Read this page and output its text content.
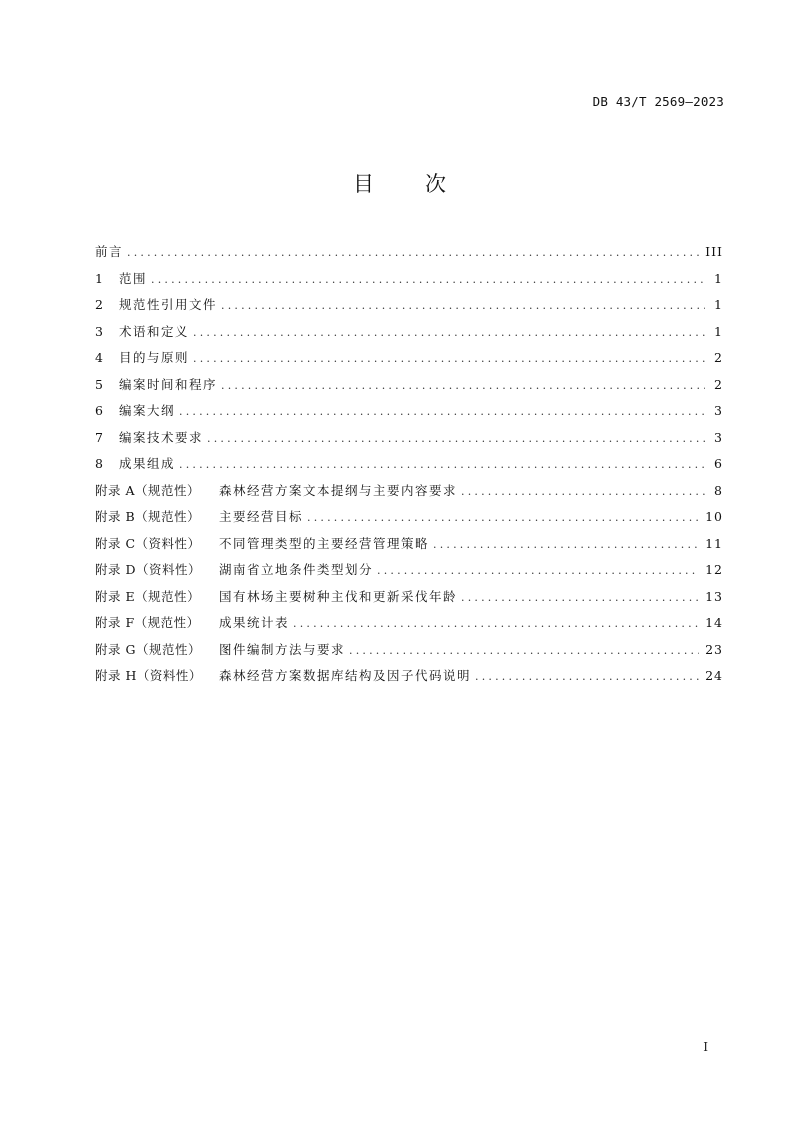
DB 43/T 2569—2023
目 次
前言 .....	III
1	范围 .....	1
2	规范性引用文件 .....	1
3	术语和定义 .....	1
4	目的与原则 .....	2
5	编案时间和程序 .....	2
6	编案大纲 .....	3
7	编案技术要求 .....	3
8	成果组成 .....	6
附录 A（规范性）	森林经营方案文本提纲与主要内容要求 .....	8
附录 B（规范性）	主要经营目标 .....	10
附录 C（资料性）	不同管理类型的主要经营管理策略 .....	11
附录 D（资料性）	湖南省立地条件类型划分 .....	12
附录 E（规范性）	国有林场主要树种主伐和更新采伐年龄 .....	13
附录 F（规范性）	成果统计表 .....	14
附录 G（规范性）	图件编制方法与要求 .....	23
附录 H（资料性）	森林经营方案数据库结构及因子代码说明 .....	24
I
